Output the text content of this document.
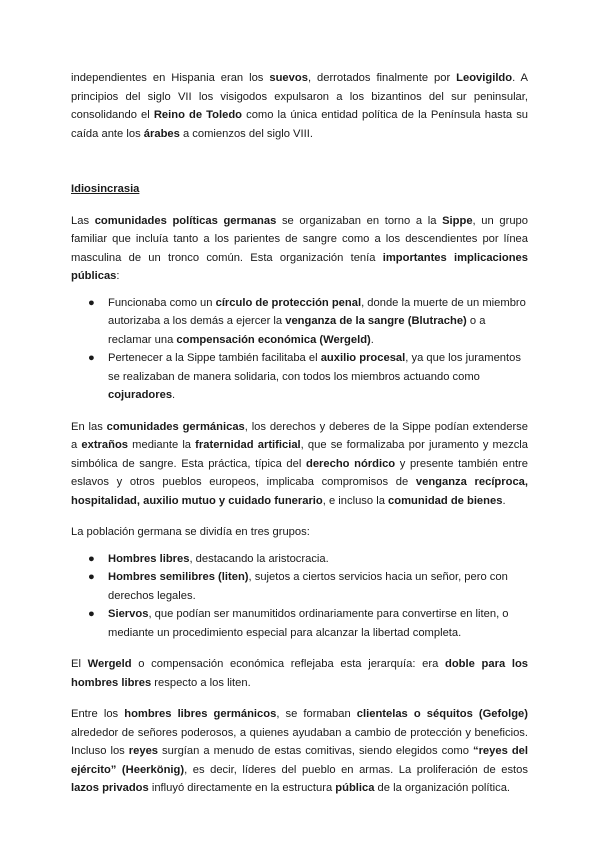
independientes en Hispania eran los suevos, derrotados finalmente por Leovigildo. A principios del siglo VII los visigodos expulsaron a los bizantinos del sur peninsular, consolidando el Reino de Toledo como la única entidad política de la Península hasta su caída ante los árabes a comienzos del siglo VIII.

Idiosincrasia

Las comunidades políticas germanas se organizaban en torno a la Sippe, un grupo familiar que incluía tanto a los parientes de sangre como a los descendientes por línea masculina de un tronco común. Esta organización tenía importantes implicaciones públicas:

● Funcionaba como un círculo de protección penal, donde la muerte de un miembro autorizaba a los demás a ejercer la venganza de la sangre (Blutrache) o a reclamar una compensación económica (Wergeld).
● Pertenecer a la Sippe también facilitaba el auxilio procesal, ya que los juramentos se realizaban de manera solidaria, con todos los miembros actuando como cojuradores.

En las comunidades germánicas, los derechos y deberes de la Sippe podían extenderse a extraños mediante la fraternidad artificial, que se formalizaba por juramento y mezcla simbólica de sangre. Esta práctica, típica del derecho nórdico y presente también entre eslavos y otros pueblos europeos, implicaba compromisos de venganza recíproca, hospitalidad, auxilio mutuo y cuidado funerario, e incluso la comunidad de bienes.

La población germana se dividía en tres grupos:

● Hombres libres, destacando la aristocracia.
● Hombres semilibres (liten), sujetos a ciertos servicios hacia un señor, pero con derechos legales.
● Siervos, que podían ser manumitidos ordinariamente para convertirse en liten, o mediante un procedimiento especial para alcanzar la libertad completa.

El Wergeld o compensación económica reflejaba esta jerarquía: era doble para los hombres libres respecto a los liten.

Entre los hombres libres germánicos, se formaban clientelas o séquitos (Gefolge) alrededor de señores poderosos, a quienes ayudaban a cambio de protección y beneficios. Incluso los reyes surgían a menudo de estas comitivas, siendo elegidos como “reyes del ejército” (Heerkönig), es decir, líderes del pueblo en armas. La proliferación de estos lazos privados influyó directamente en la estructura pública de la organización política.
